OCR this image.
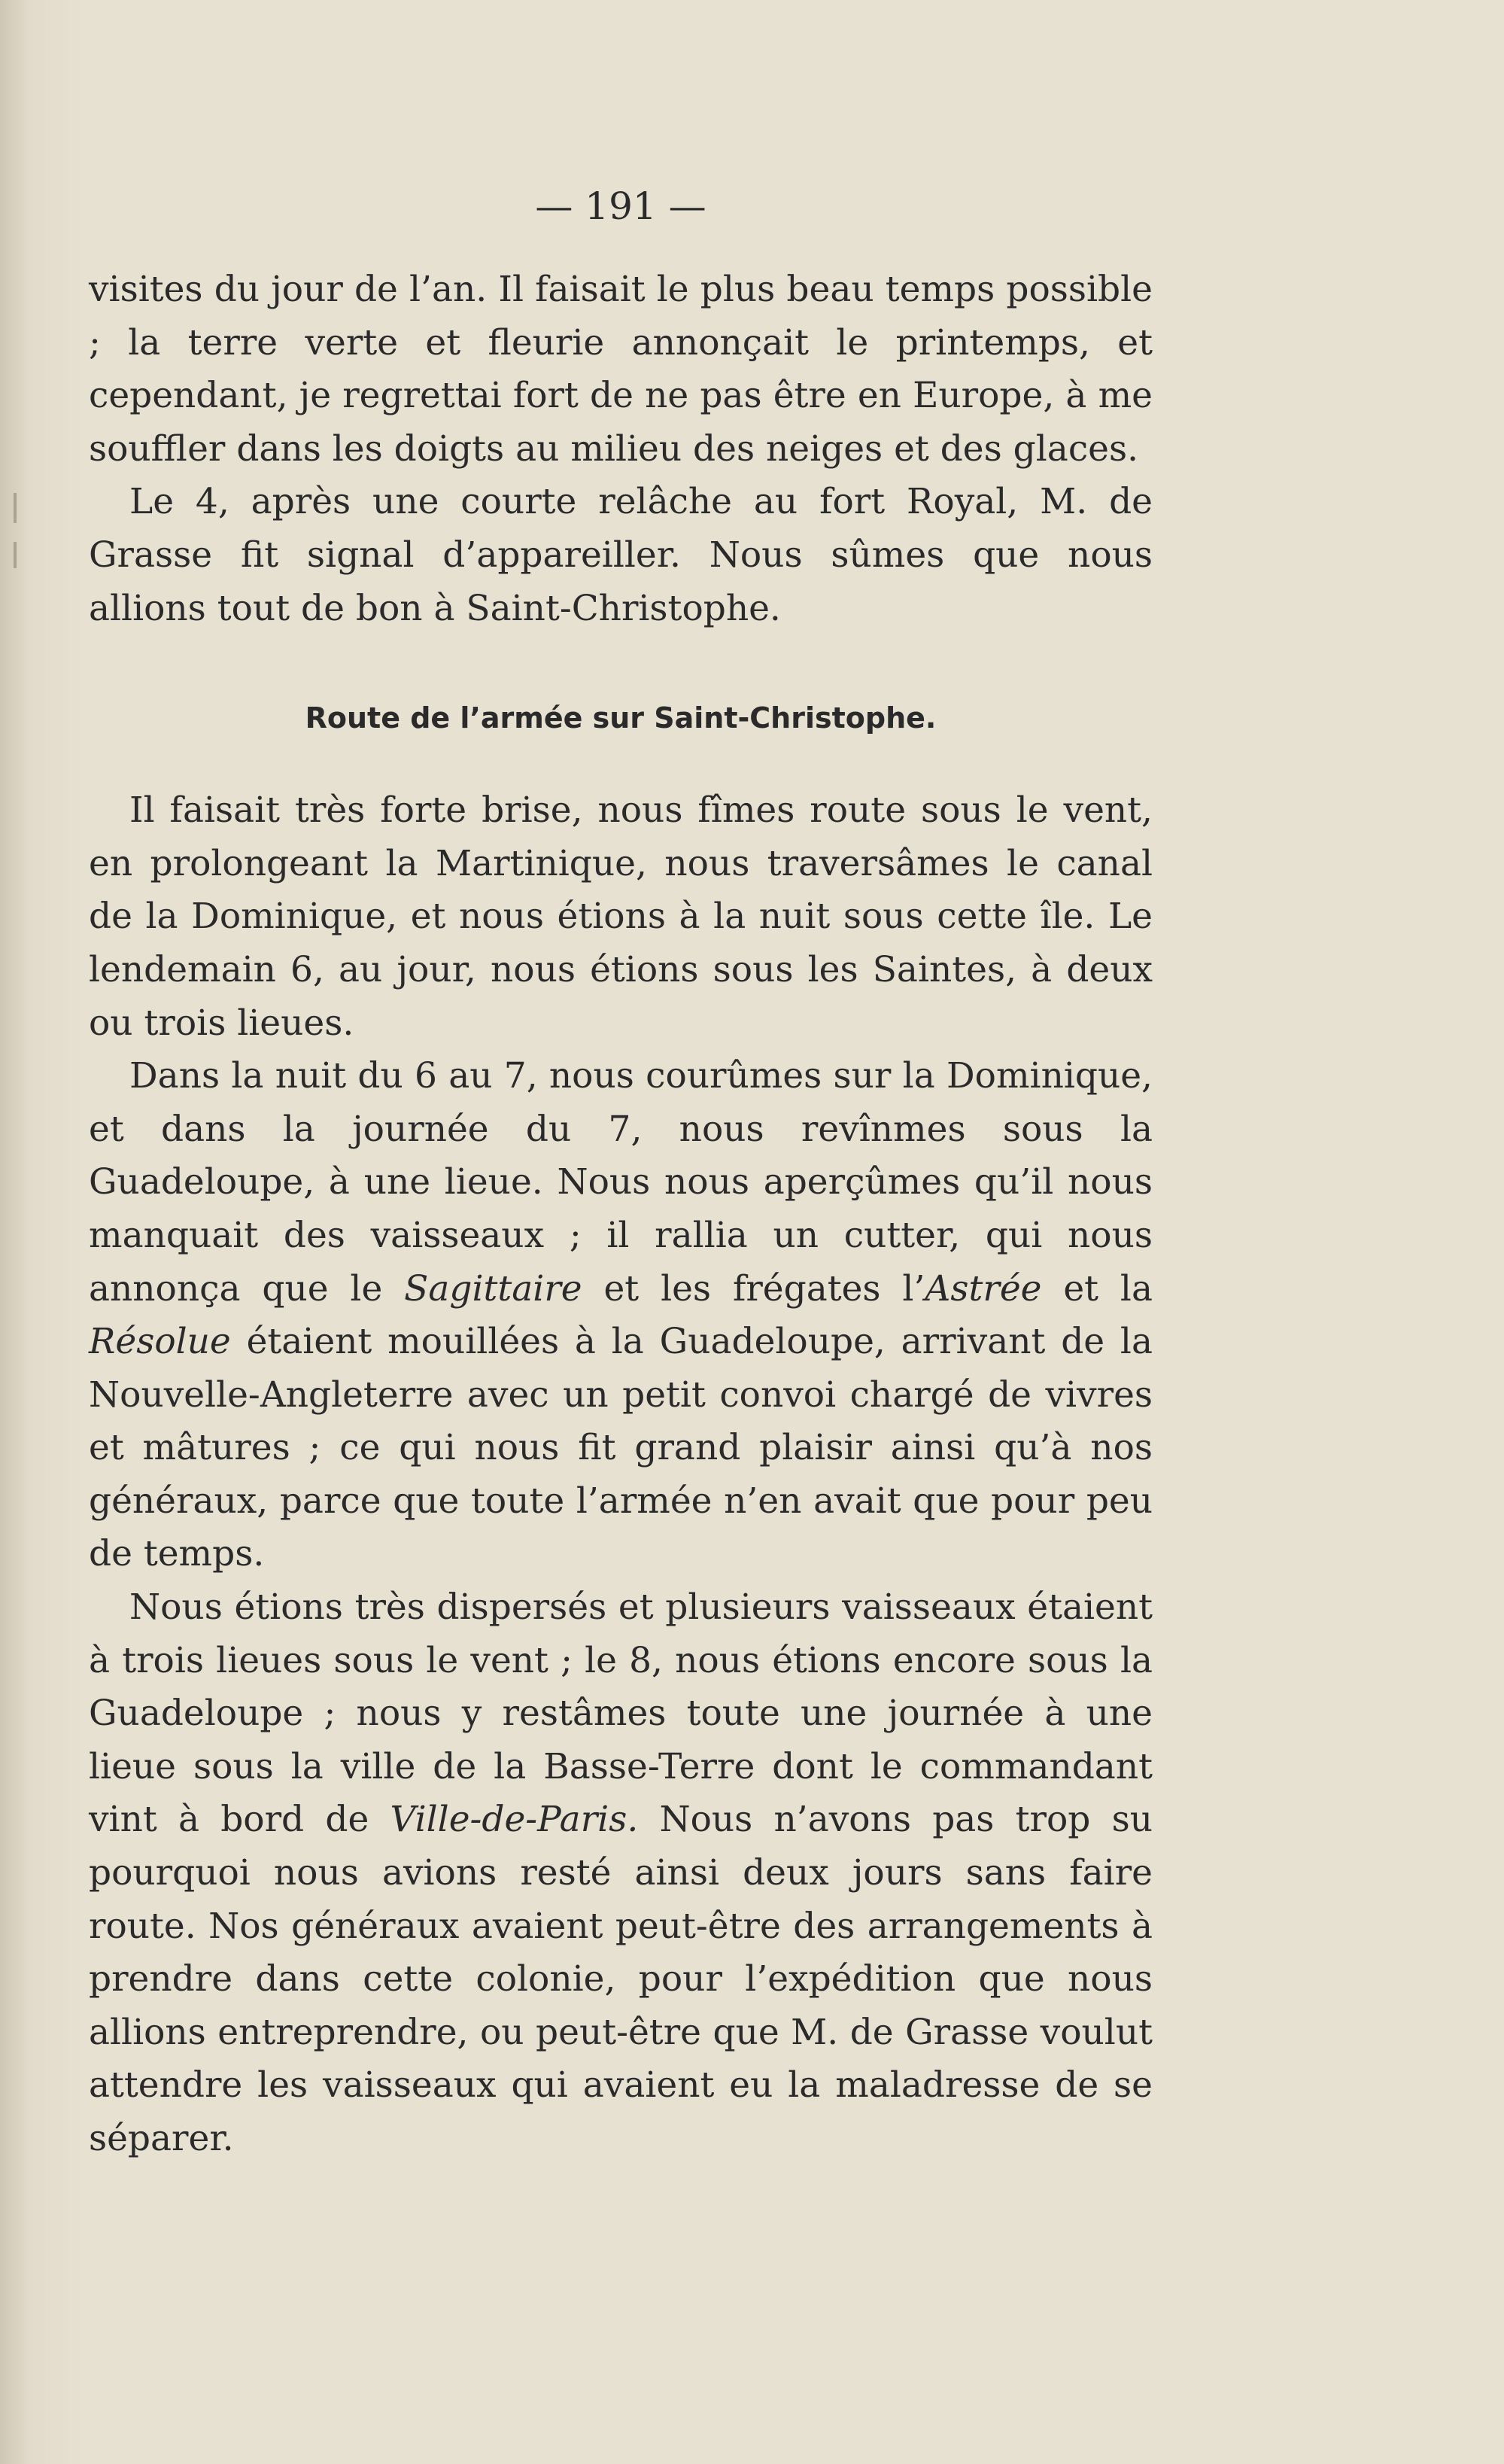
— 191 —

visites du jour de l’an. Il faisait le plus beau temps possible ; la terre verte et fleurie annonçait le printemps, et cependant, je regrettai fort de ne pas être en Europe, à me souffler dans les doigts au milieu des neiges et des glaces.

Le 4, après une courte relâche au fort Royal, M. de Grasse fit signal d’appareiller. Nous sûmes que nous allions tout de bon à Saint-Christophe.

Route de l’armée sur Saint-Christophe.

Il faisait très forte brise, nous fîmes route sous le vent, en prolongeant la Martinique, nous traversâmes le canal de la Dominique, et nous étions à la nuit sous cette île. Le lendemain 6, au jour, nous étions sous les Saintes, à deux ou trois lieues.

Dans la nuit du 6 au 7, nous courûmes sur la Dominique, et dans la journée du 7, nous revînmes sous la Guadeloupe, à une lieue. Nous nous aperçûmes qu’il nous manquait des vaisseaux ; il rallia un cutter, qui nous annonça que le Sagittaire et les frégates l’Astrée et la Résolue étaient mouillées à la Guadeloupe, arrivant de la Nouvelle-Angleterre avec un petit convoi chargé de vivres et mâtures ; ce qui nous fit grand plaisir ainsi qu’à nos généraux, parce que toute l’armée n’en avait que pour peu de temps.

Nous étions très dispersés et plusieurs vaisseaux étaient à trois lieues sous le vent ; le 8, nous étions encore sous la Guadeloupe ; nous y restâmes toute une journée à une lieue sous la ville de la Basse-Terre dont le commandant vint à bord de Ville-de-Paris. Nous n’avons pas trop su pourquoi nous avions resté ainsi deux jours sans faire route. Nos généraux avaient peut-être des arrangements à prendre dans cette colonie, pour l’expédition que nous allions entreprendre, ou peut-être que M. de Grasse voulut attendre les vaisseaux qui avaient eu la maladresse de se séparer.
